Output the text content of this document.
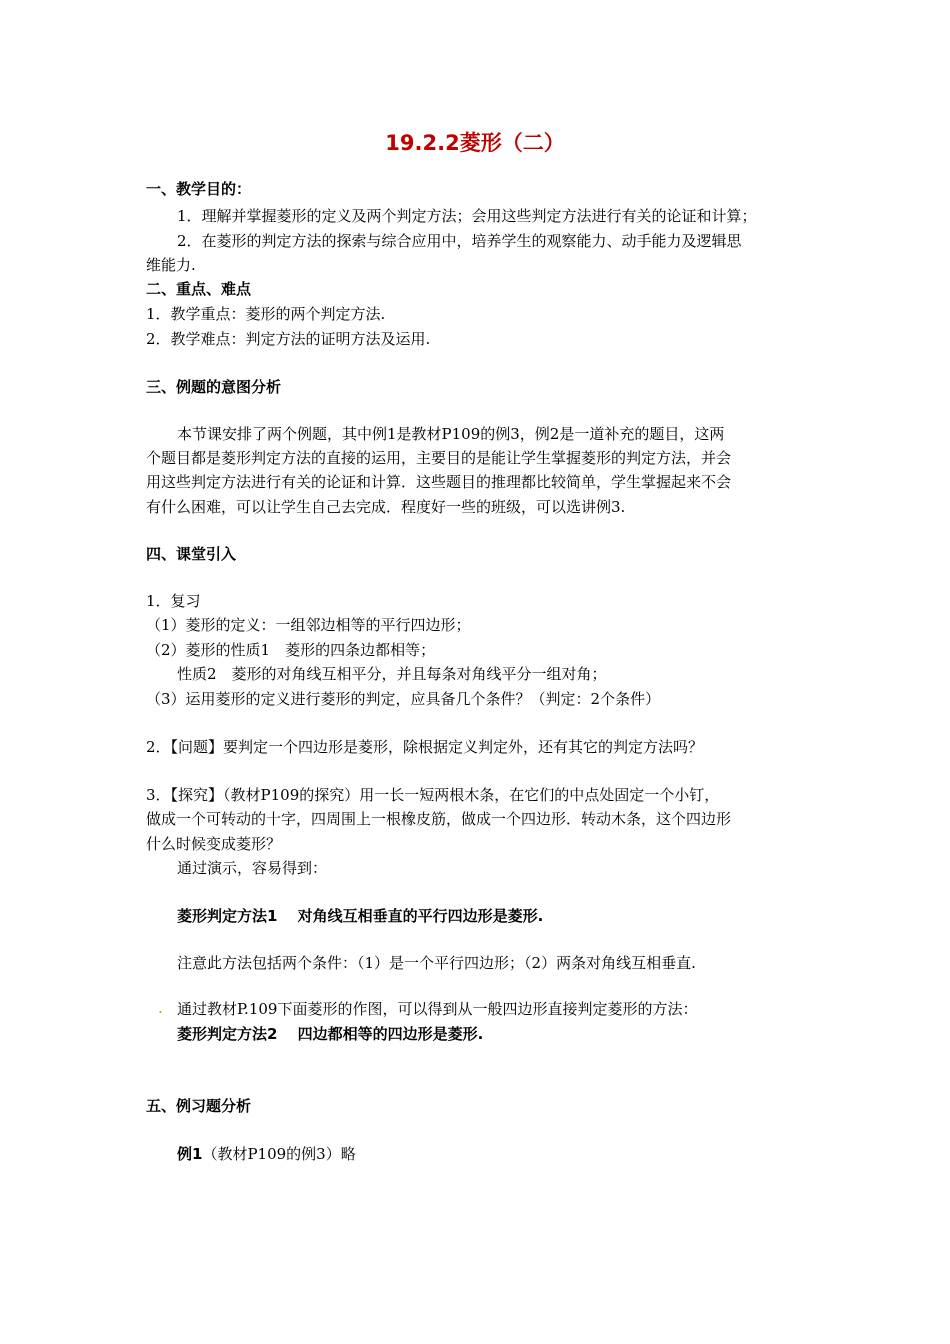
19.2.2菱形（二）
一、教学目的：
1．理解并掌握菱形的定义及两个判定方法；会用这些判定方法进行有关的论证和计算；
2．在菱形的判定方法的探索与综合应用中，培养学生的观察能力、动手能力及逻辑思
维能力.
二、重点、难点
1．教学重点：菱形的两个判定方法.
2．教学难点：判定方法的证明方法及运用.
三、例题的意图分析
本节课安排了两个例题，其中例1是教材P109的例3，例2是一道补充的题目，这两
个题目都是菱形判定方法的直接的运用，主要目的是能让学生掌握菱形的判定方法，并会
用这些判定方法进行有关的论证和计算．这些题目的推理都比较简单，学生掌握起来不会
有什么困难，可以让学生自己去完成．程度好一些的班级，可以选讲例3.
四、课堂引入
1．复习
（1）菱形的定义：一组邻边相等的平行四边形；
（2）菱形的性质1　菱形的四条边都相等；
性质2　菱形的对角线互相平分，并且每条对角线平分一组对角；
（3）运用菱形的定义进行菱形的判定，应具备几个条件？（判定：2个条件）
2．【问题】要判定一个四边形是菱形，除根据定义判定外，还有其它的判定方法吗？
3．【探究】（教材P109的探究）用一长一短两根木条，在它们的中点处固定一个小钉，
做成一个可转动的十字，四周围上一根橡皮筋，做成一个四边形．转动木条，这个四边形
什么时候变成菱形？
通过演示，容易得到：
菱形判定方法1　 对角线互相垂直的平行四边形是菱形.
注意此方法包括两个条件：（1）是一个平行四边形；（2）两条对角线互相垂直.
. 通过教材P.109下面菱形的作图，可以得到从一般四边形直接判定菱形的方法：
菱形判定方法2　 四边都相等的四边形是菱形.
五、例习题分析
例1（教材P109的例3）略
